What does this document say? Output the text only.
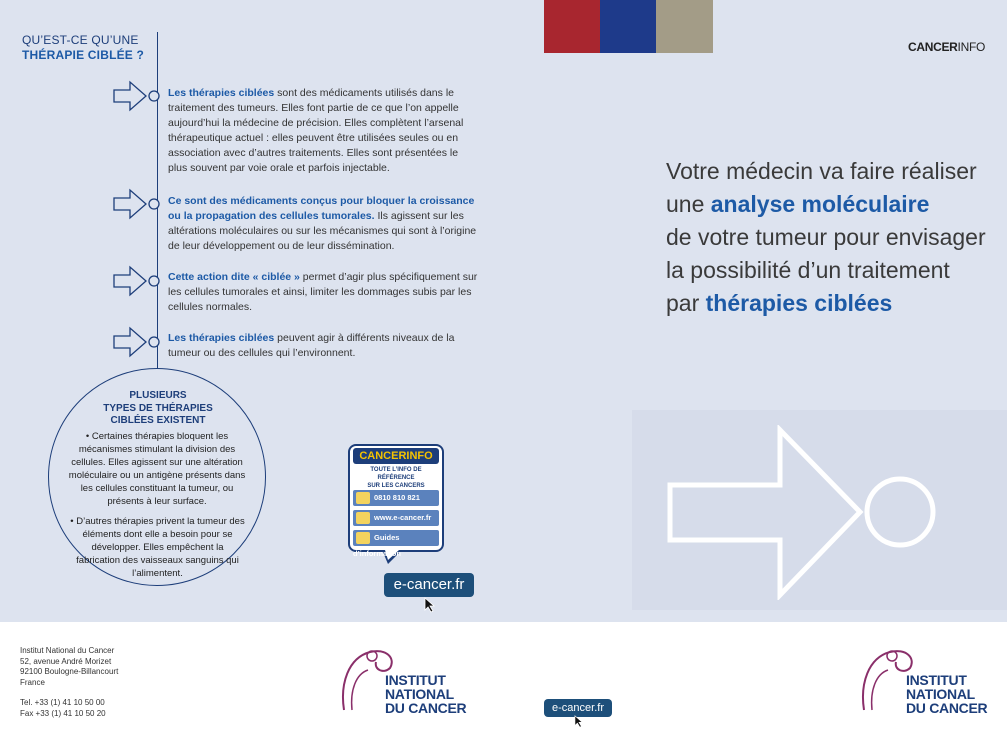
CANCERINFO
QU’EST-CE QU’UNE
THÉRAPIE CIBLÉE ?
Les thérapies ciblées sont des médicaments utilisés dans le traitement des tumeurs. Elles font partie de ce que l’on appelle aujourd’hui la médecine de précision. Elles complètent l’arsenal thérapeutique actuel : elles peuvent être utilisées seules ou en association avec d’autres traitements. Elles sont présentées le plus souvent par voie orale et parfois injectable.
Ce sont des médicaments conçus pour bloquer la croissance ou la propagation des cellules tumorales. Ils agissent sur les altérations moléculaires ou sur les mécanismes qui sont à l’origine de leur développement ou de leur dissémination.
Cette action dite « ciblée » permet d’agir plus spécifiquement sur les cellules tumorales et ainsi, limiter les dommages subis par les cellules normales.
Les thérapies ciblées peuvent agir à différents niveaux de la tumeur ou des cellules qui l’environnent.
PLUSIEURS
TYPES DE THÉRAPIES
CIBLÉES EXISTENT
• Certaines thérapies bloquent les mécanismes stimulant la division des cellules. Elles agissent sur une altération moléculaire ou un antigène présents dans les cellules constituant la tumeur, ou présents à leur surface.
• D’autres thérapies privent la tumeur des éléments dont elle a besoin pour se développer. Elles empêchent la fabrication des vaisseaux sanguins qui l’alimentent.
CANCERINFO
TOUTE L’INFO DE RÉFÉRENCE
SUR LES CANCERS
0810 810 821
www.e-cancer.fr
Guides d’information
e-cancer.fr
Votre médecin va faire réaliser
une analyse moléculaire
de votre tumeur pour envisager
la possibilité d’un traitement
par thérapies ciblées
Institut National du Cancer
52, avenue André Morizet
92100 Boulogne-Billancourt
France
Tel. +33 (1) 41 10 50 00
Fax +33 (1) 41 10 50 20
INSTITUT
NATIONAL
DU CANCER	e-cancer.fr
INSTITUT
NATIONAL
DU CANCER
